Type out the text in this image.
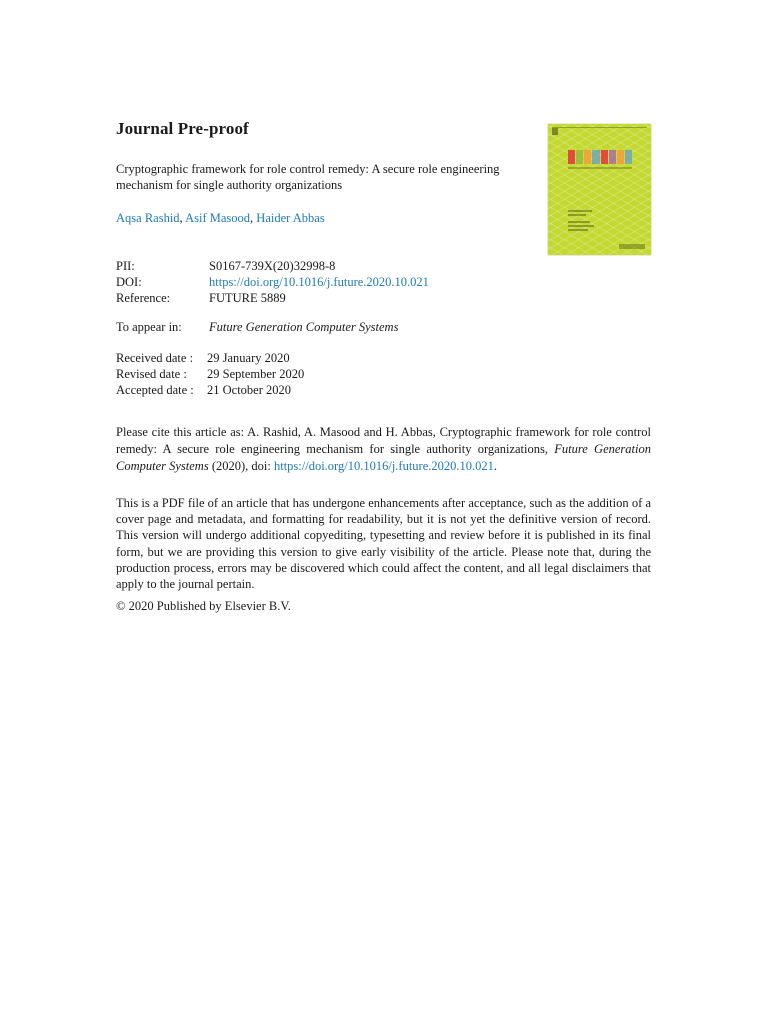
Journal Pre-proof
Cryptographic framework for role control remedy: A secure role engineering mechanism for single authority organizations
Aqsa Rashid, Asif Masood, Haider Abbas
PII:	S0167-739X(20)32998-8
DOI:	https://doi.org/10.1016/j.future.2020.10.021
Reference:	FUTURE 5889
To appear in: Future Generation Computer Systems
Received date : 29 January 2020
Revised date : 29 September 2020
Accepted date : 21 October 2020
Please cite this article as: A. Rashid, A. Masood and H. Abbas, Cryptographic framework for role control remedy: A secure role engineering mechanism for single authority organizations, Future Generation Computer Systems (2020), doi: https://doi.org/10.1016/j.future.2020.10.021.
This is a PDF file of an article that has undergone enhancements after acceptance, such as the addition of a cover page and metadata, and formatting for readability, but it is not yet the definitive version of record. This version will undergo additional copyediting, typesetting and review before it is published in its final form, but we are providing this version to give early visibility of the article. Please note that, during the production process, errors may be discovered which could affect the content, and all legal disclaimers that apply to the journal pertain.
© 2020 Published by Elsevier B.V.
